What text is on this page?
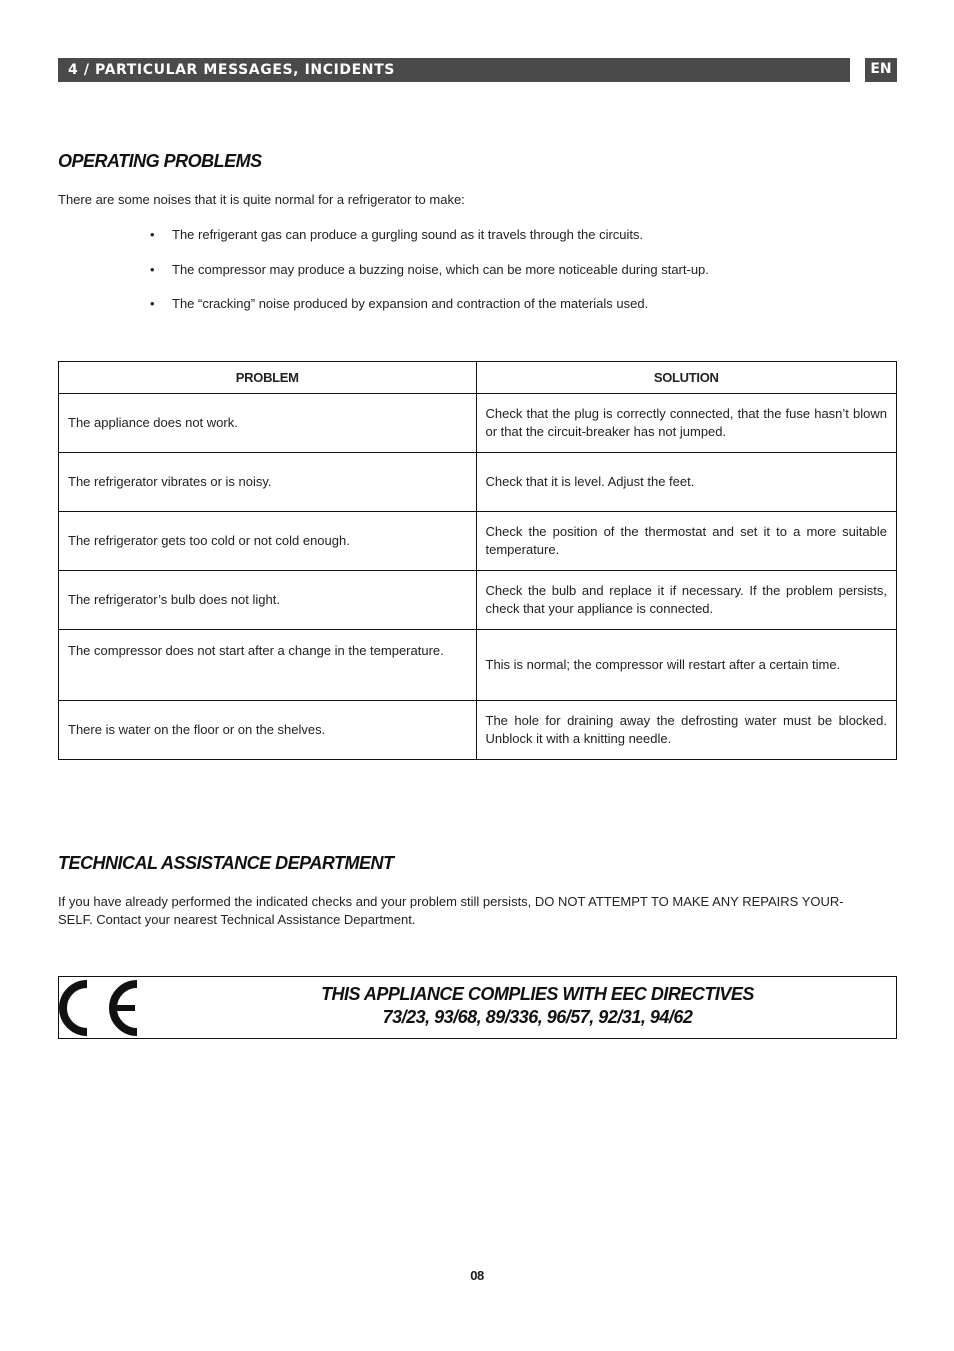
4 / PARTICULAR MESSAGES, INCIDENTS	EN
OPERATING PROBLEMS
There are some noises that it is quite normal for a refrigerator to make:
• The refrigerant gas can produce a gurgling sound as it travels through the circuits.
• The compressor may produce a buzzing noise, which can be more noticeable during start-up.
• The “cracking” noise produced by expansion and contraction of the materials used.
PROBLEM	SOLUTION
The appliance does not work.	Check that the plug is correctly connected, that the fuse hasn’t blown or that the circuit-breaker has not jumped.
The refrigerator vibrates or is noisy.	Check that it is level. Adjust the feet.
The refrigerator gets too cold or not cold enough.	Check the position of the thermostat and set it to a more suitable temperature.
The refrigerator’s bulb does not light.	Check the bulb and replace it if necessary. If the problem persists, check that your appliance is connected.
The compressor does not start after a change in the temperature.	This is normal; the compressor will restart after a certain time.
There is water on the floor or on the shelves.	The hole for draining away the defrosting water must be blocked. Unblock it with a knitting needle.
TECHNICAL ASSISTANCE DEPARTMENT
If you have already performed the indicated checks and your problem still persists, DO NOT ATTEMPT TO MAKE ANY REPAIRS YOUR-
SELF. Contact your nearest Technical Assistance Department.
THIS APPLIANCE COMPLIES WITH EEC DIRECTIVES
73/23, 93/68, 89/336, 96/57, 92/31, 94/62
08
